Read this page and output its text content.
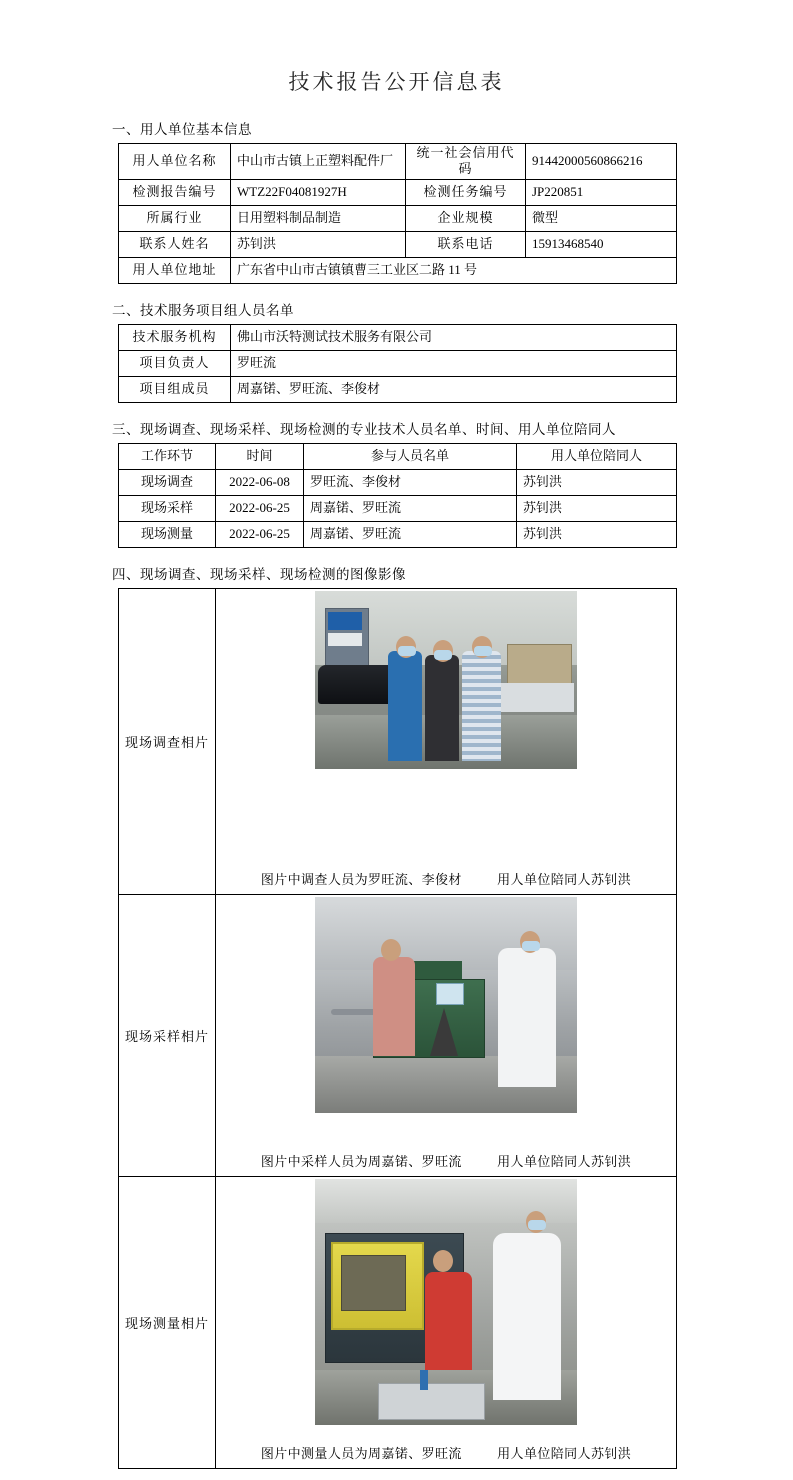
技术报告公开信息表
一、用人单位基本信息
用人单位名称	中山市古镇上正塑料配件厂	统一社会信用代码	91442000560866216
检测报告编号	WTZ22F04081927H	检测任务编号	JP220851
所属行业	日用塑料制品制造	企业规模	微型
联系人姓名	苏钊洪	联系电话	15913468540
用人单位地址	广东省中山市古镇镇曹三工业区二路 11 号		
二、技术服务项目组人员名单
技术服务机构	佛山市沃特测试技术服务有限公司
项目负责人	罗旺流
项目组成员	周嘉锘、罗旺流、李俊材
三、现场调查、现场采样、现场检测的专业技术人员名单、时间、用人单位陪同人
工作环节	时间	参与人员名单	用人单位陪同人
现场调查	2022-06-08	罗旺流、李俊材	苏钊洪
现场采样	2022-06-25	周嘉锘、罗旺流	苏钊洪
现场测量	2022-06-25	周嘉锘、罗旺流	苏钊洪
四、现场调查、现场采样、现场检测的图像影像
现场调查相片	图片中调查人员为罗旺流、李俊材 用人单位陪同人苏钊洪

现场采样相片	图片中采样人员为周嘉锘、罗旺流 用人单位陪同人苏钊洪

现场测量相片	图片中测量人员为周嘉锘、罗旺流 用人单位陪同人苏钊洪
